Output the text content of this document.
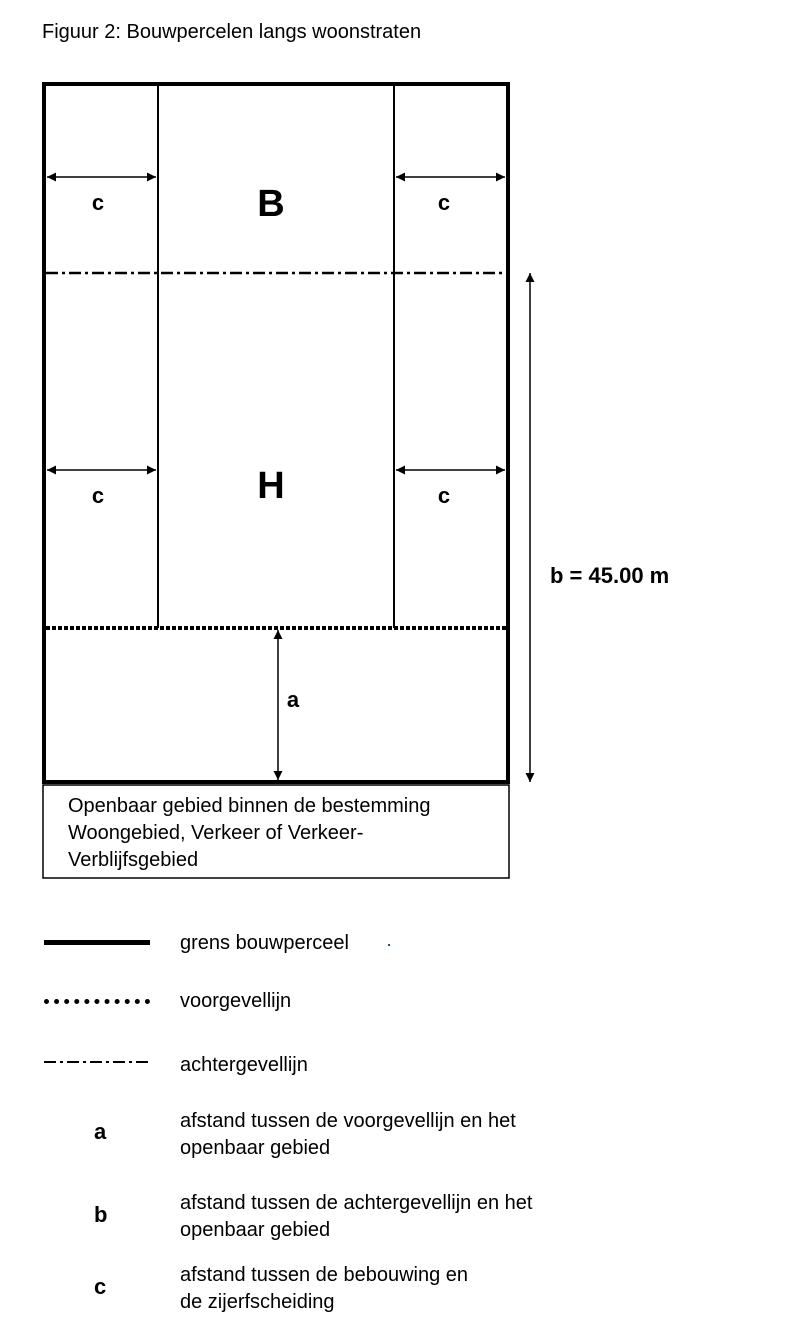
Figuur 2: Bouwpercelen langs woonstraten
B
H
c	c
c	c
a
b = 45.00 m
Openbaar gebied binnen de bestemming
Woongebied, Verkeer of Verkeer-
Verblijfsgebied
grens bouwperceel
voorgevellijn
achtergevellijn
a	afstand tussen de voorgevellijn en het
openbaar gebied
b	afstand tussen de achtergevellijn en het
openbaar gebied
c	afstand tussen de bebouwing en
de zijerfscheiding
